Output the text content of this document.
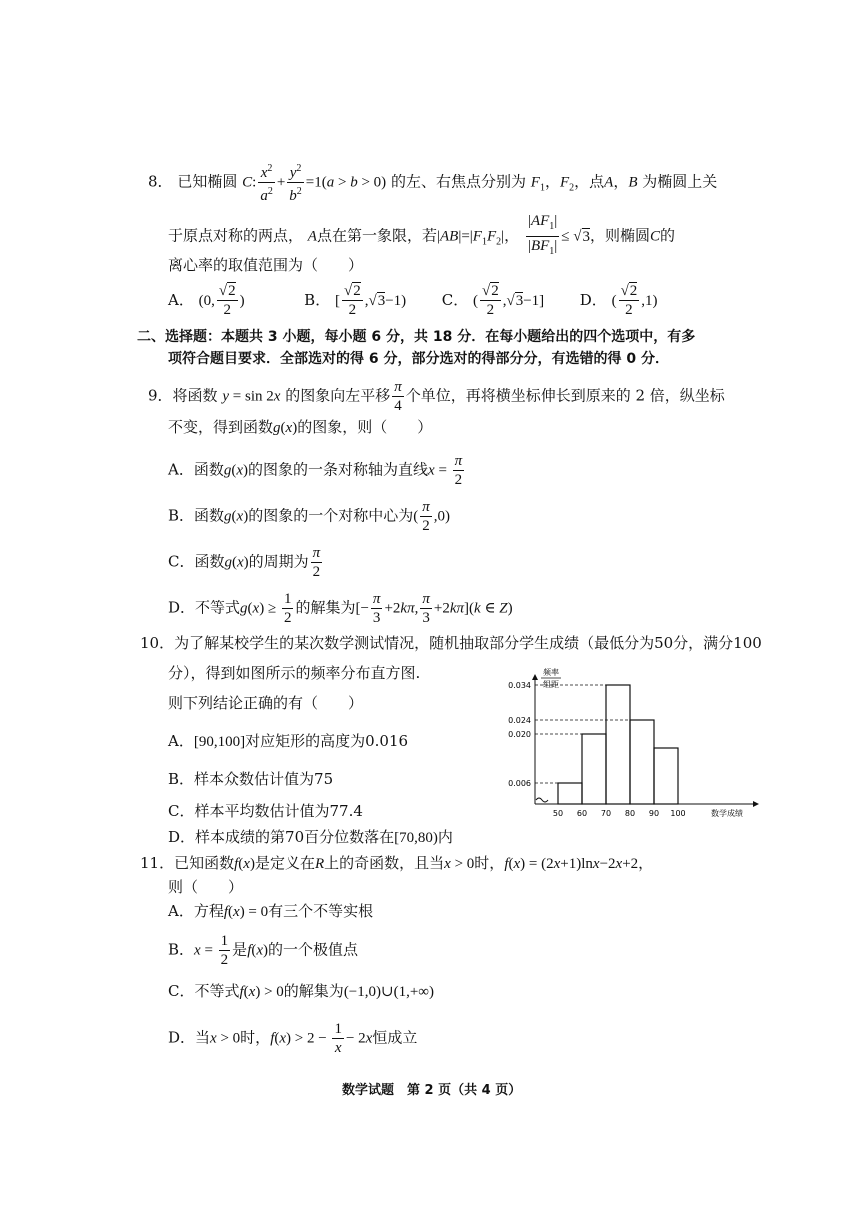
8． 已知椭圆 C: $\frac{x^2}{a^2} + \frac{y^2}{b^2} =1(a > b > 0)$ 的左、右焦点分别为 $F_1$，$F_2$，点A，B 为椭圆上关
于原点对称的两点， A点在第一象限，若$|AB|=|F_1F_2|$， $\frac{|AF_1|}{|BF_1|} \le √3$，则椭圆C的
离心率的取值范围为（　　）
A． (0, $\frac{√2}{2}$ )	B． [ $\frac{√2}{2} ,√3-1$) C． ( $\frac{√2}{2} ,√3-1$] D． ( $\frac{√2}{2} ,1$)
二、选择题：本题共 3 小题，每小题 6 分，共 18 分．在每小题给出的四个选项中，有多
项符合题目要求．全部选对的得 6 分，部分选对的得部分分，有选错的得 0 分．
9．将函数 y = sin 2x 的图象向左平移 $\frac{\pi}{4}$ 个单位，再将横坐标伸长到原来的 2 倍，纵坐标
不变，得到函数g(x)的图象，则（　　）
A．函数g(x)的图象的一条对称轴为直线$x = \frac{\pi}{2}$
B．函数g(x)的图象的一个对称中心为( $\frac{\pi}{2} ,0$)
C．函数g(x)的周期为 $\frac{\pi}{2}$
D．不等式$g(x) \ge \frac{1}{2}$ 的解集为[− $\frac{\pi}{3} +2k\pi$, $\frac{\pi}{3} +2k\pi](k$ ∈ Z)
10．为了解某校学生的某次数学测试情况，随机抽取部分学生成绩（最低分为50分，满分100
分），得到如图所示的频率分布直方图.
则下列结论正确的有（　　）
A．[90,100]对应矩形的高度为0.016
B．样本众数估计值为75
C．样本平均数估计值为77.4
D．样本成绩的第70百分位数落在[70,80)内
0.006
0.020
0.024
0.034
50 60 70 80 90 100	数学成绩
频率
组距
11．已知函数f(x)是定义在R上的奇函数，且当x > 0时，f(x) = (2x+1)lnx−2x+2，
则（　　）
A．方程f(x) = 0有三个不等实根
B．$x = \frac{1}{2}$ 是f(x)的一个极值点
C．不等式f(x) > 0的解集为(−1,0)∪(1,+∞)
D．当x > 0时，$f(x) > 2 - \frac{1}{x} - 2x$恒成立
数学试题　第 2 页（共 4 页）
